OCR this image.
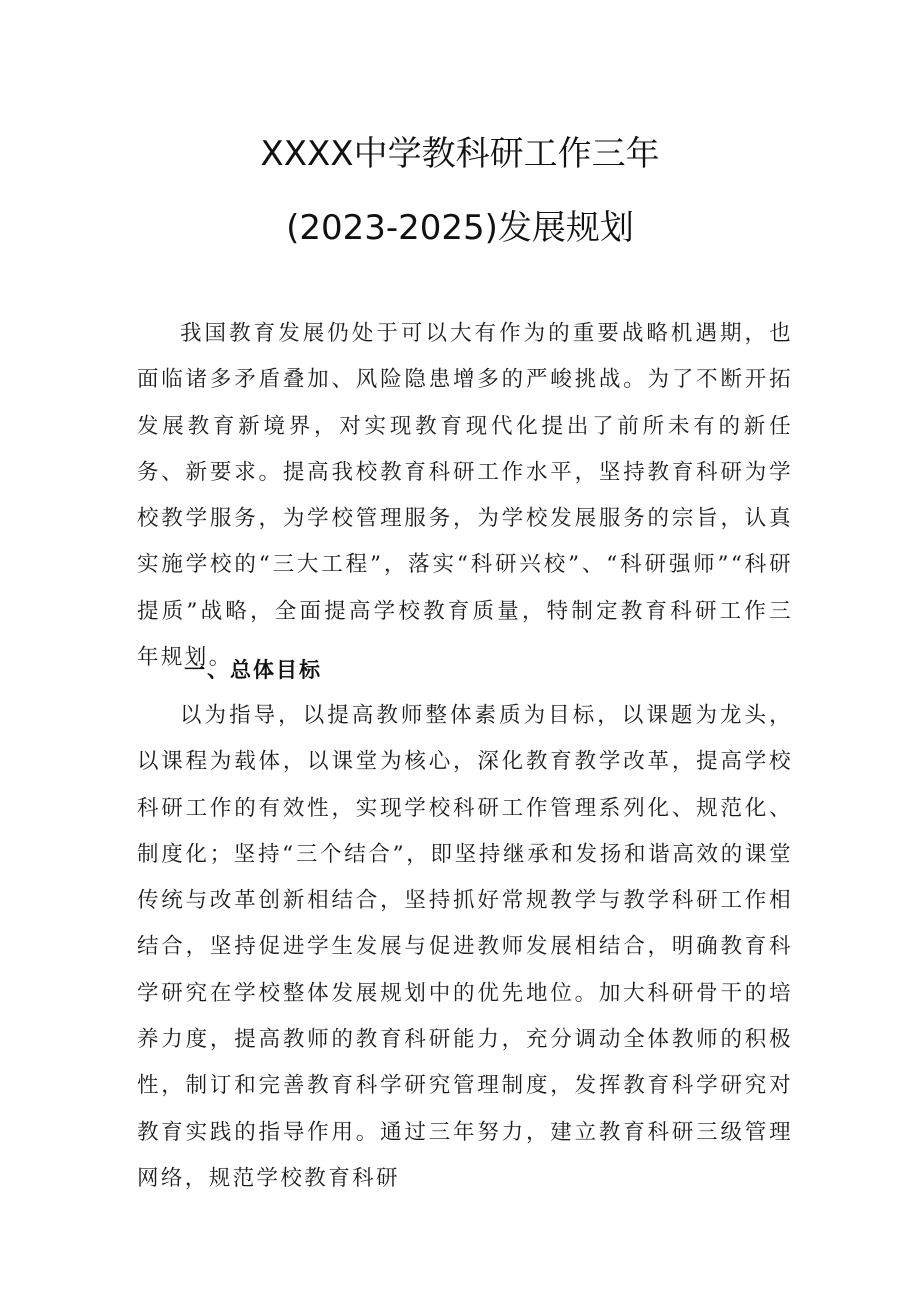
XXXX中学教科研工作三年
(2023-2025)发展规划

我国教育发展仍处于可以大有作为的重要战略机遇期，也面临诸多矛盾叠加、风险隐患增多的严峻挑战。为了不断开拓发展教育新境界，对实现教育现代化提出了前所未有的新任务、新要求。提高我校教育科研工作水平，坚持教育科研为学校教学服务，为学校管理服务，为学校发展服务的宗旨，认真实施学校的“三大工程”，落实“科研兴校”、“科研强师”“科研提质”战略，全面提高学校教育质量，特制定教育科研工作三年规划。

一、总体目标

以为指导，以提高教师整体素质为目标，以课题为龙头，以课程为载体，以课堂为核心，深化教育教学改革，提高学校科研工作的有效性，实现学校科研工作管理系列化、规范化、制度化；坚持“三个结合”，即坚持继承和发扬和谐高效的课堂传统与改革创新相结合，坚持抓好常规教学与教学科研工作相结合，坚持促进学生发展与促进教师发展相结合，明确教育科学研究在学校整体发展规划中的优先地位。加大科研骨干的培养力度，提高教师的教育科研能力，充分调动全体教师的积极性，制订和完善教育科学研究管理制度，发挥教育科学研究对教育实践的指导作用。通过三年努力，建立教育科研三级管理网络，规范学校教育科研
